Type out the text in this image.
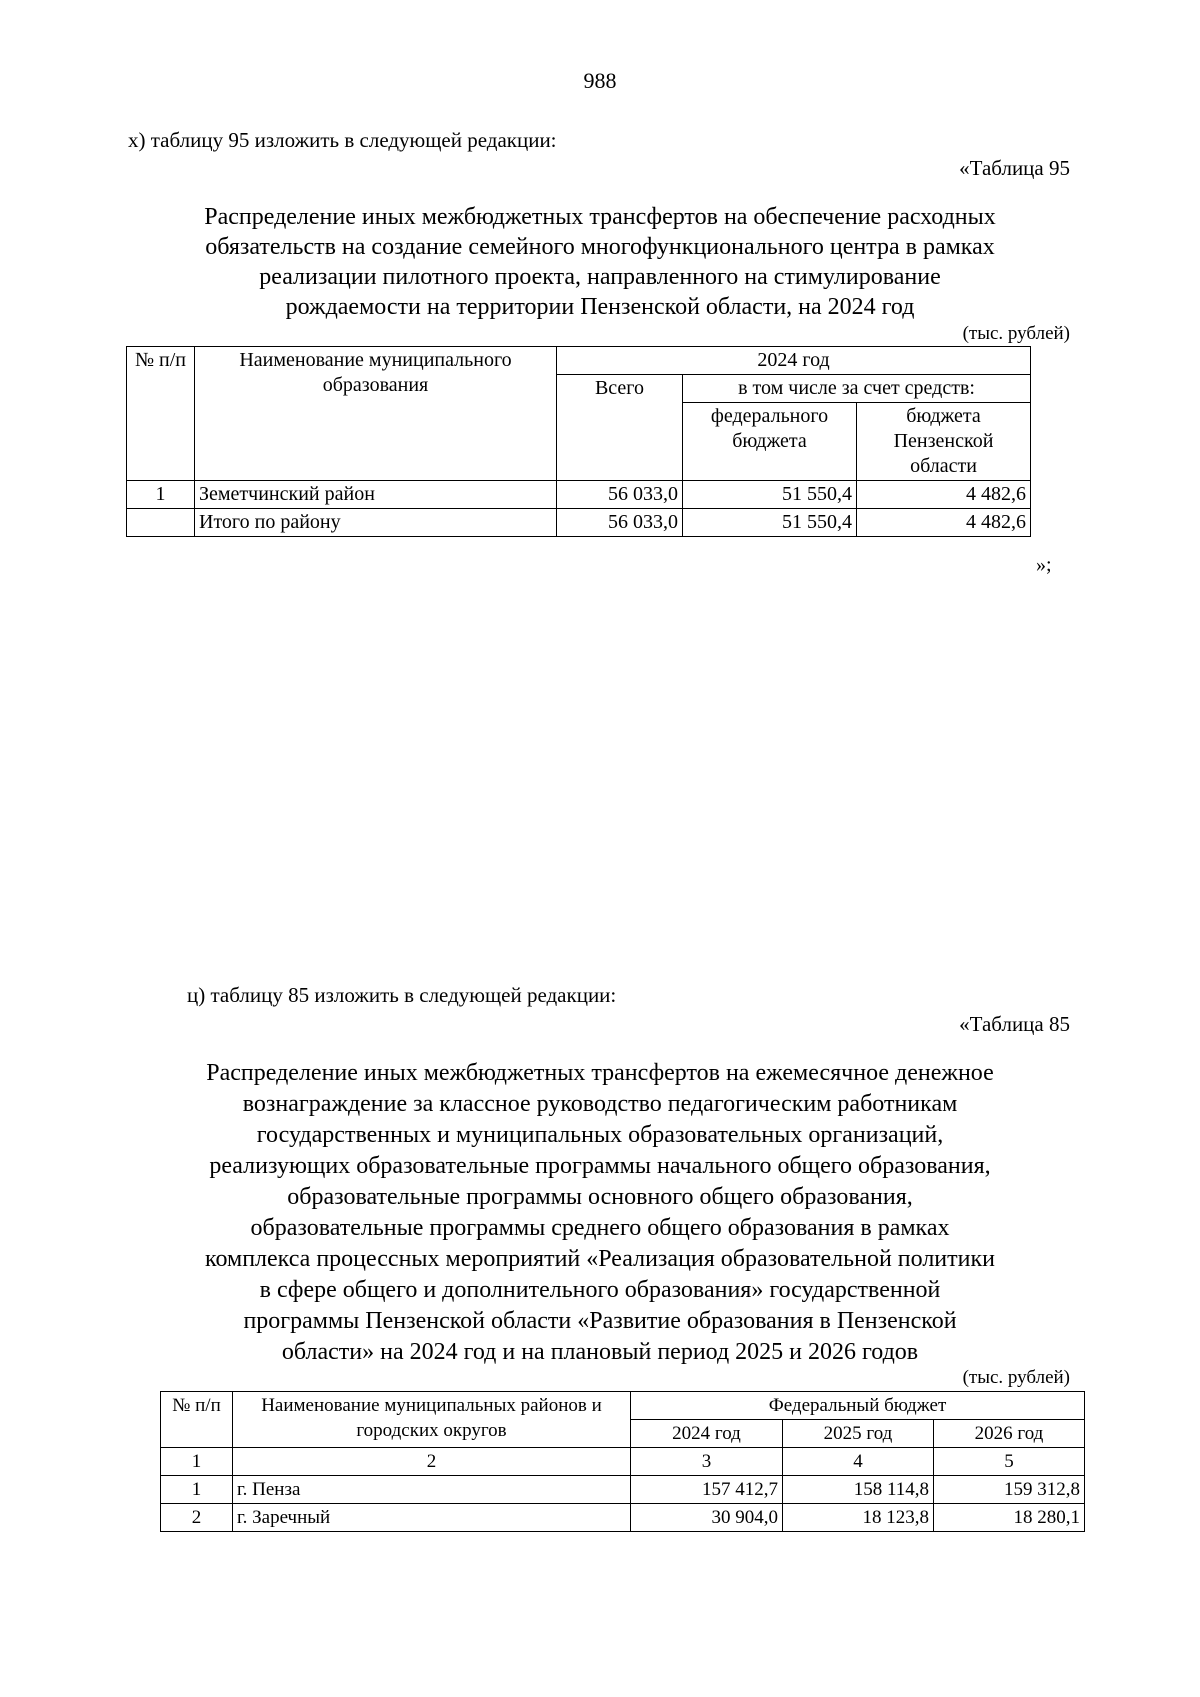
988
х) таблицу 95 изложить в следующей редакции:
«Таблица 95
Распределение иных межбюджетных трансфертов на обеспечение расходных
обязательств на создание семейного многофункционального центра в рамках
реализации пилотного проекта, направленного на стимулирование
рождаемости на территории Пензенской области, на 2024 год
(тыс. рублей)
№ п/п	Наименование муниципального образования	2024 год		
		Всего	в том числе за счет средств:	
			федерального бюджета	бюджета Пензенской области
1	Земетчинский район	56 033,0	51 550,4	4 482,6
	Итого по району	56 033,0	51 550,4	4 482,6
»;
ц) таблицу 85 изложить в следующей редакции:
«Таблица 85
Распределение иных межбюджетных трансфертов на ежемесячное денежное
вознаграждение за классное руководство педагогическим работникам
государственных и муниципальных образовательных организаций,
реализующих образовательные программы начального общего образования,
образовательные программы основного общего образования,
образовательные программы среднего общего образования в рамках
комплекса процессных мероприятий «Реализация образовательной политики
в сфере общего и дополнительного образования» государственной
программы Пензенской области «Развитие образования в Пензенской
области» на 2024 год и на плановый период 2025 и 2026 годов
(тыс. рублей)
№ п/п	Наименование муниципальных районов и городских округов	Федеральный бюджет		
		2024 год	2025 год	2026 год
1	2	3	4	5
1	г. Пенза	157 412,7	158 114,8	159 312,8
2	г. Заречный	30 904,0	18 123,8	18 280,1
